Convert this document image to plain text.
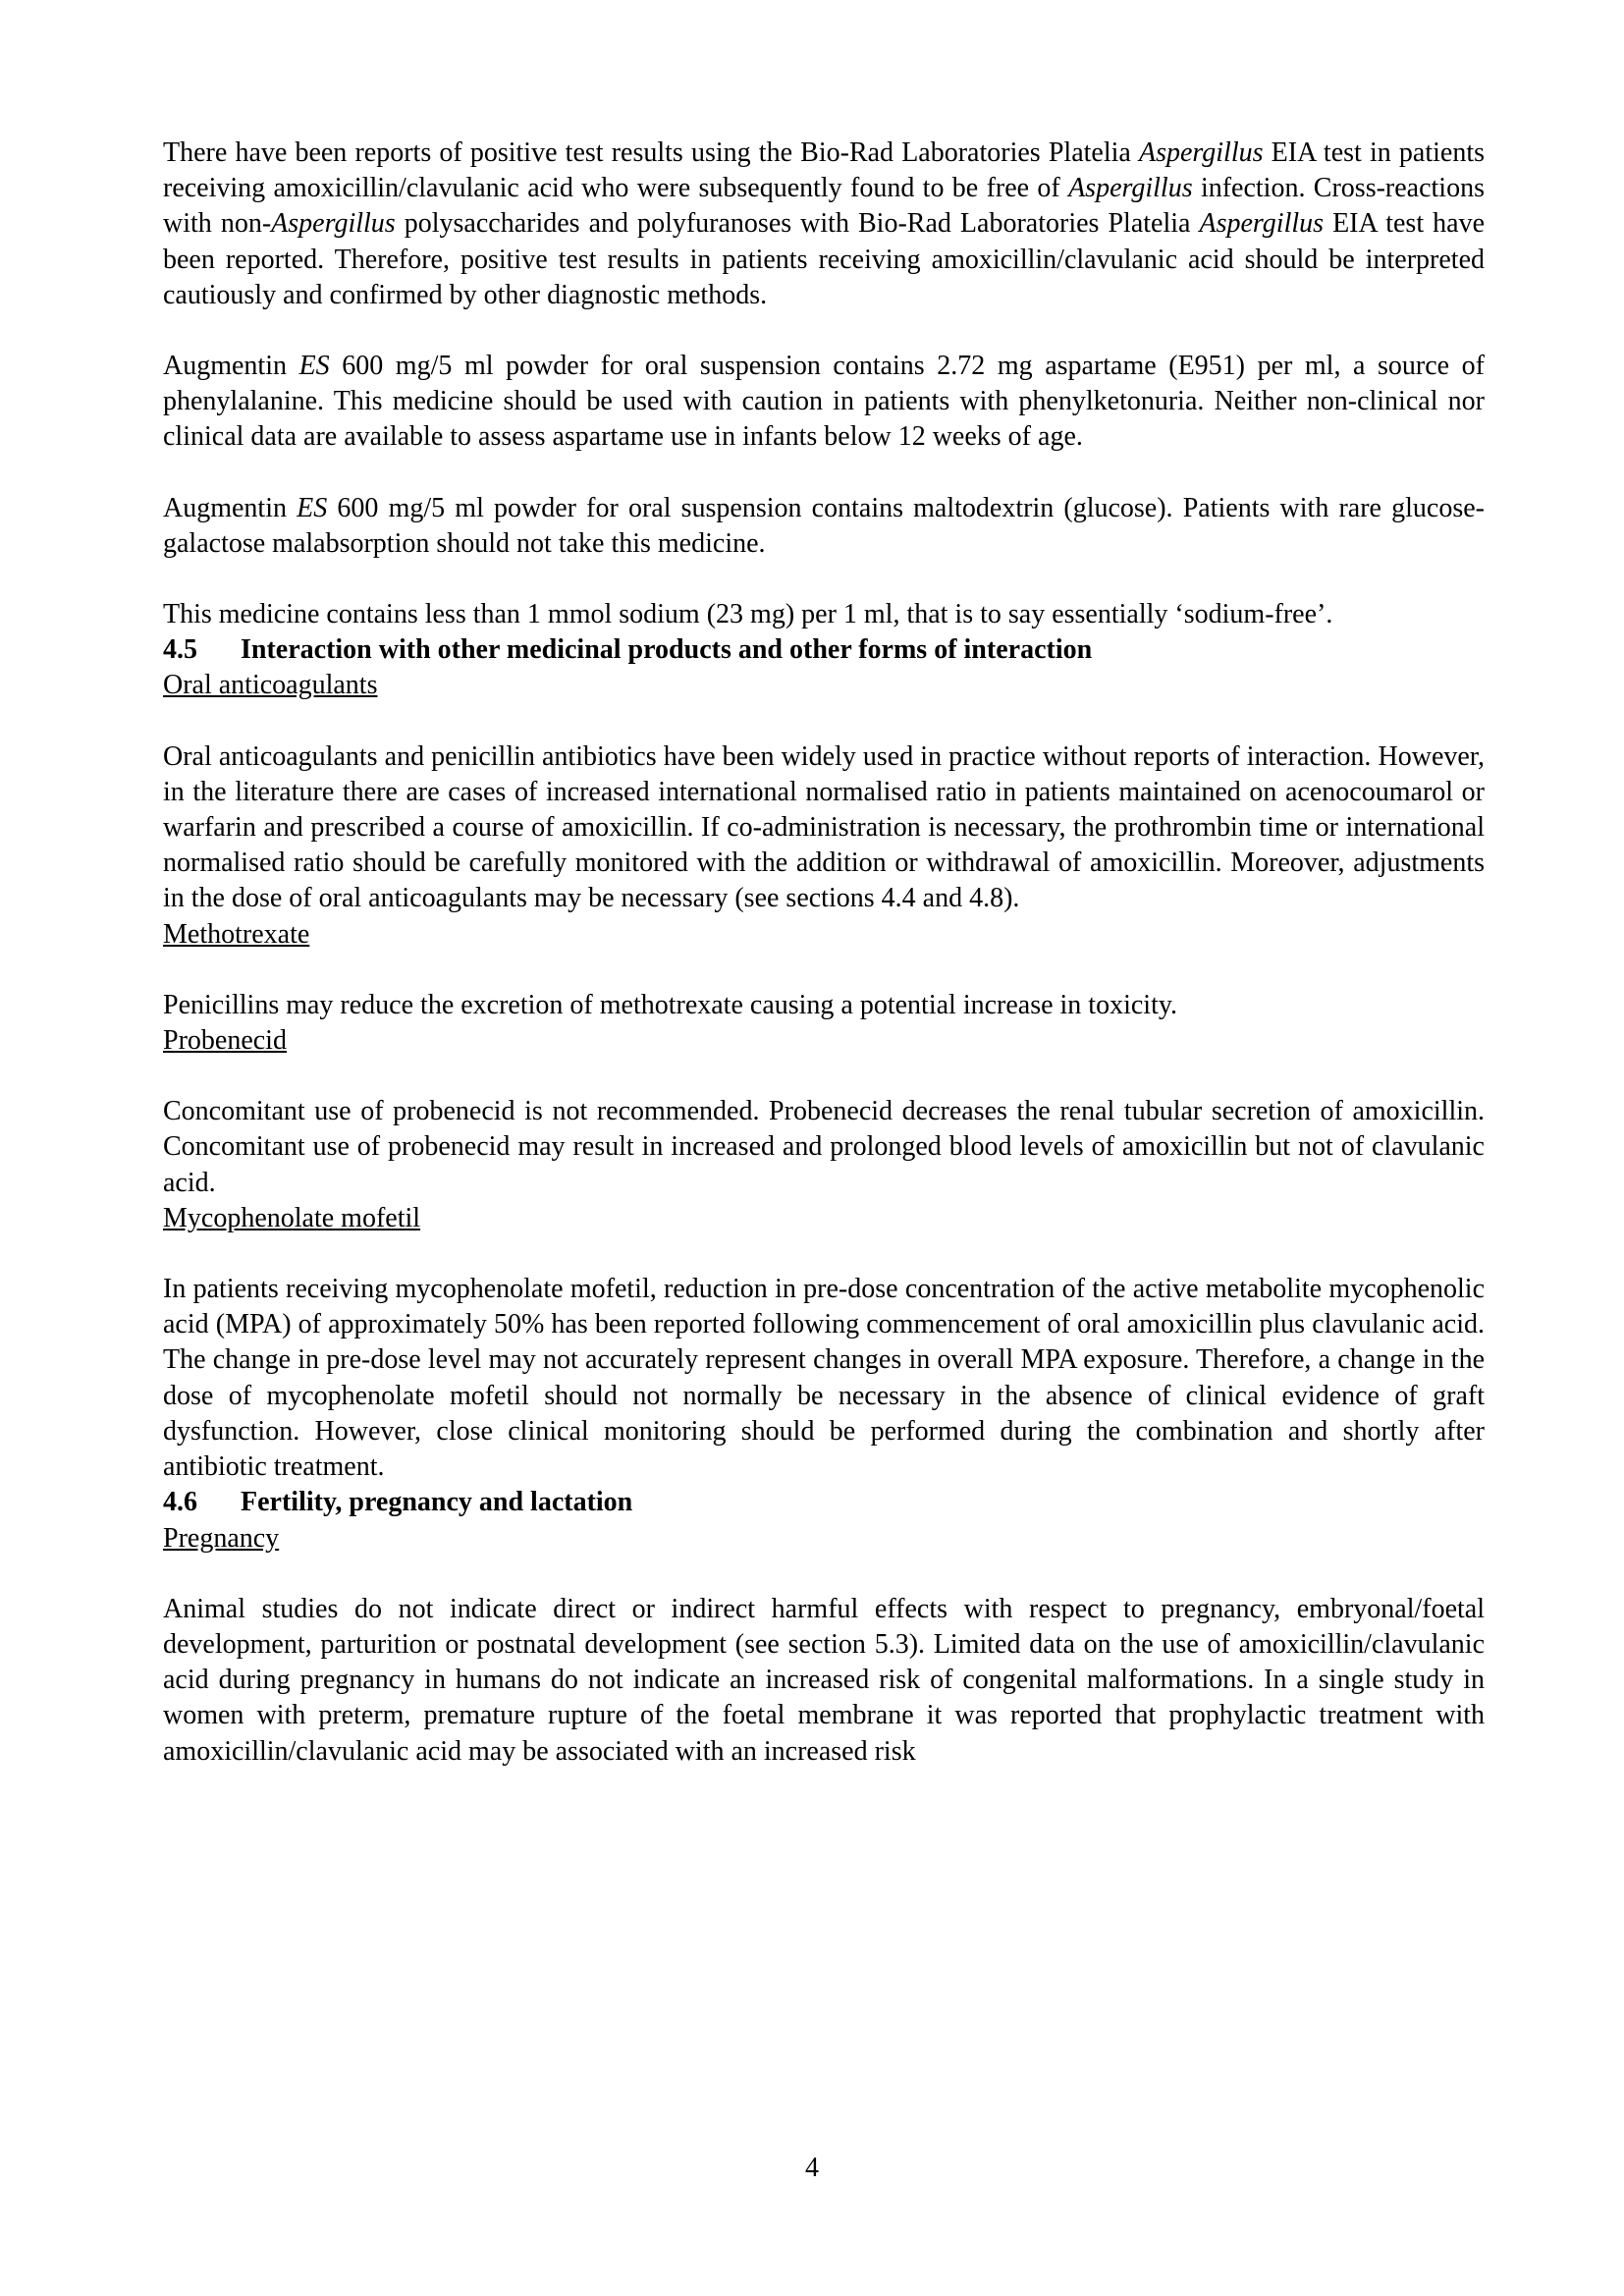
There have been reports of positive test results using the Bio-Rad Laboratories Platelia Aspergillus EIA test in patients receiving amoxicillin/clavulanic acid who were subsequently found to be free of Aspergillus infection. Cross-reactions with non-Aspergillus polysaccharides and polyfuranoses with Bio-Rad Laboratories Platelia Aspergillus EIA test have been reported. Therefore, positive test results in patients receiving amoxicillin/clavulanic acid should be interpreted cautiously and confirmed by other diagnostic methods.

Augmentin ES 600 mg/5 ml powder for oral suspension contains 2.72 mg aspartame (E951) per ml, a source of phenylalanine. This medicine should be used with caution in patients with phenylketonuria. Neither non-clinical nor clinical data are available to assess aspartame use in infants below 12 weeks of age.

Augmentin ES 600 mg/5 ml powder for oral suspension contains maltodextrin (glucose). Patients with rare glucose-galactose malabsorption should not take this medicine.

This medicine contains less than 1 mmol sodium (23 mg) per 1 ml, that is to say essentially ‘sodium-free’.

4.5 Interaction with other medicinal products and other forms of interaction

Oral anticoagulants

Oral anticoagulants and penicillin antibiotics have been widely used in practice without reports of interaction. However, in the literature there are cases of increased international normalised ratio in patients maintained on acenocoumarol or warfarin and prescribed a course of amoxicillin. If co-administration is necessary, the prothrombin time or international normalised ratio should be carefully monitored with the addition or withdrawal of amoxicillin. Moreover, adjustments in the dose of oral anticoagulants may be necessary (see sections 4.4 and 4.8).

Methotrexate

Penicillins may reduce the excretion of methotrexate causing a potential increase in toxicity.

Probenecid

Concomitant use of probenecid is not recommended. Probenecid decreases the renal tubular secretion of amoxicillin. Concomitant use of probenecid may result in increased and prolonged blood levels of amoxicillin but not of clavulanic acid.

Mycophenolate mofetil

In patients receiving mycophenolate mofetil, reduction in pre-dose concentration of the active metabolite mycophenolic acid (MPA) of approximately 50% has been reported following commencement of oral amoxicillin plus clavulanic acid. The change in pre-dose level may not accurately represent changes in overall MPA exposure. Therefore, a change in the dose of mycophenolate mofetil should not normally be necessary in the absence of clinical evidence of graft dysfunction. However, close clinical monitoring should be performed during the combination and shortly after antibiotic treatment.

4.6 Fertility, pregnancy and lactation

Pregnancy

Animal studies do not indicate direct or indirect harmful effects with respect to pregnancy, embryonal/foetal development, parturition or postnatal development (see section 5.3). Limited data on the use of amoxicillin/clavulanic acid during pregnancy in humans do not indicate an increased risk of congenital malformations. In a single study in women with preterm, premature rupture of the foetal membrane it was reported that prophylactic treatment with amoxicillin/clavulanic acid may be associated with an increased risk

4
